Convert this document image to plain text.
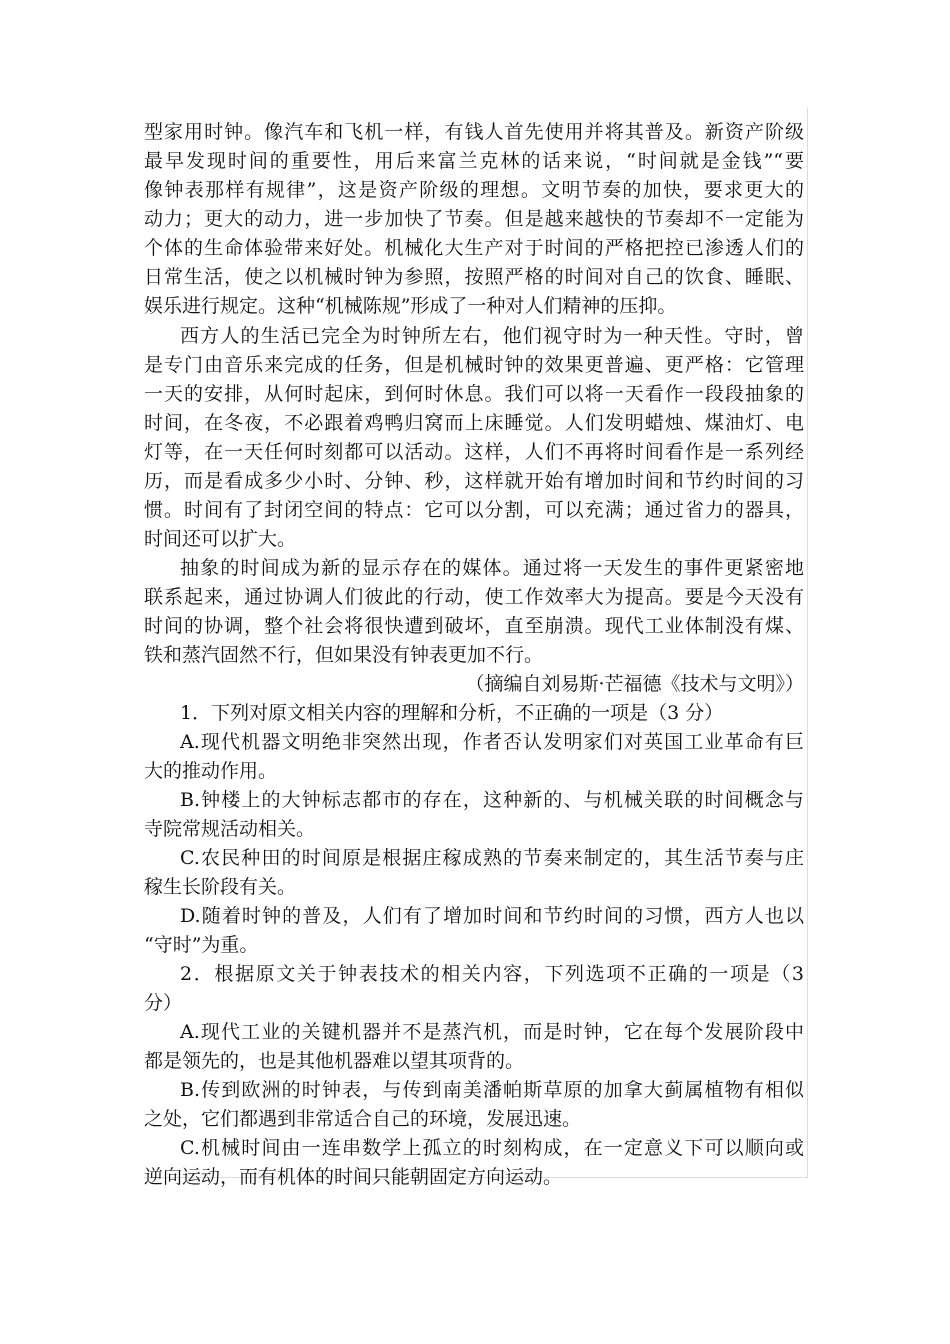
型家用时钟。像汽车和飞机一样，有钱人首先使用并将其普及。新资产阶级
最早发现时间的重要性，用后来富兰克林的话来说，“时间就是金钱”“要
像钟表那样有规律”，这是资产阶级的理想。文明节奏的加快，要求更大的
动力；更大的动力，进一步加快了节奏。但是越来越快的节奏却不一定能为
个体的生命体验带来好处。机械化大生产对于时间的严格把控已渗透人们的
日常生活，使之以机械时钟为参照，按照严格的时间对自己的饮食、睡眠、
娱乐进行规定。这种“机械陈规”形成了一种对人们精神的压抑。
西方人的生活已完全为时钟所左右，他们视守时为一种天性。守时，曾
是专门由音乐来完成的任务，但是机械时钟的效果更普遍、更严格：它管理
一天的安排，从何时起床，到何时休息。我们可以将一天看作一段段抽象的
时间，在冬夜，不必跟着鸡鸭归窝而上床睡觉。人们发明蜡烛、煤油灯、电
灯等，在一天任何时刻都可以活动。这样，人们不再将时间看作是一系列经
历，而是看成多少小时、分钟、秒，这样就开始有增加时间和节约时间的习
惯。时间有了封闭空间的特点：它可以分割，可以充满；通过省力的器具，
时间还可以扩大。
抽象的时间成为新的显示存在的媒体。通过将一天发生的事件更紧密地
联系起来，通过协调人们彼此的行动，使工作效率大为提高。要是今天没有
时间的协调，整个社会将很快遭到破坏，直至崩溃。现代工业体制没有煤、
铁和蒸汽固然不行，但如果没有钟表更加不行。
（摘编自刘易斯·芒福德《技术与文明》）
1．下列对原文相关内容的理解和分析，不正确的一项是（3 分）
A.现代机器文明绝非突然出现，作者否认发明家们对英国工业革命有巨
大的推动作用。
B.钟楼上的大钟标志都市的存在，这种新的、与机械关联的时间概念与
寺院常规活动相关。
C.农民种田的时间原是根据庄稼成熟的节奏来制定的，其生活节奏与庄
稼生长阶段有关。
D.随着时钟的普及，人们有了增加时间和节约时间的习惯，西方人也以
“守时”为重。
2．根据原文关于钟表技术的相关内容，下列选项不正确的一项是（3
分）
A.现代工业的关键机器并不是蒸汽机，而是时钟，它在每个发展阶段中
都是领先的，也是其他机器难以望其项背的。
B.传到欧洲的时钟表，与传到南美潘帕斯草原的加拿大蓟属植物有相似
之处，它们都遇到非常适合自己的环境，发展迅速。
C.机械时间由一连串数学上孤立的时刻构成，在一定意义下可以顺向或
逆向运动，而有机体的时间只能朝固定方向运动。
